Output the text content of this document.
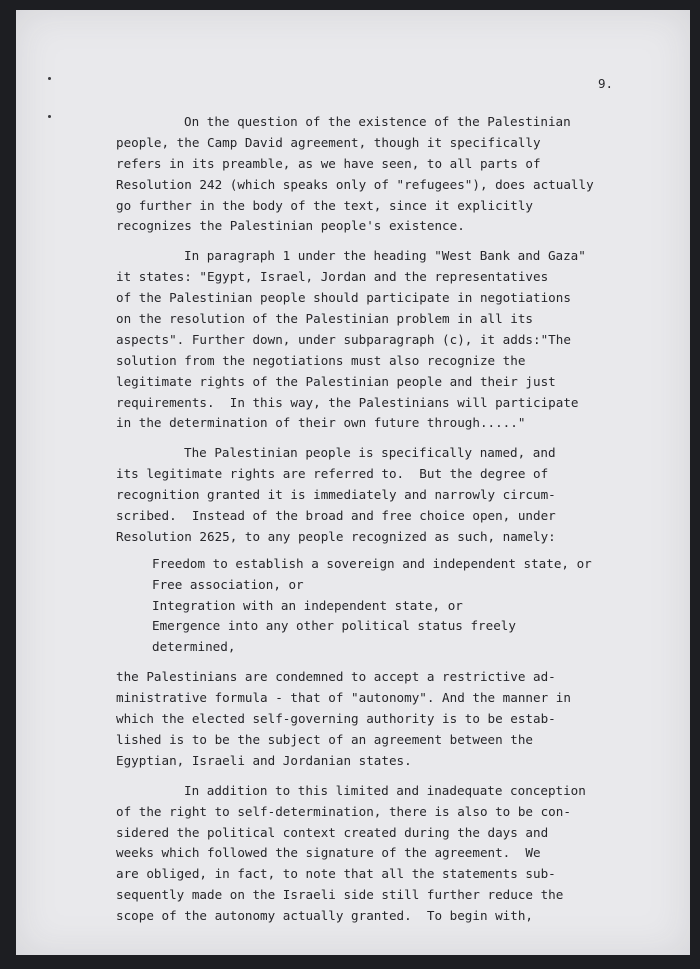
9.
On the question of the existence of the Palestinian
people, the Camp David agreement, though it specifically
refers in its preamble, as we have seen, to all parts of
Resolution 242 (which speaks only of "refugees"), does actually
go further in the body of the text, since it explicitly
recognizes the Palestinian people's existence.
In paragraph 1 under the heading "West Bank and Gaza"
it states: "Egypt, Israel, Jordan and the representatives
of the Palestinian people should participate in negotiations
on the resolution of the Palestinian problem in all its
aspects". Further down, under subparagraph (c), it adds:"The
solution from the negotiations must also recognize the
legitimate rights of the Palestinian people and their just
requirements.  In this way, the Palestinians will participate
in the determination of their own future through....."
The Palestinian people is specifically named, and
its legitimate rights are referred to.  But the degree of
recognition granted it is immediately and narrowly circum-
scribed.  Instead of the broad and free choice open, under
Resolution 2625, to any people recognized as such, namely:
Freedom to establish a sovereign and independent state, or
Free association, or
Integration with an independent state, or
Emergence into any other political status freely
determined,
the Palestinians are condemned to accept a restrictive ad-
ministrative formula - that of "autonomy". And the manner in
which the elected self-governing authority is to be estab-
lished is to be the subject of an agreement between the
Egyptian, Israeli and Jordanian states.
In addition to this limited and inadequate conception
of the right to self-determination, there is also to be con-
sidered the political context created during the days and
weeks which followed the signature of the agreement.  We
are obliged, in fact, to note that all the statements sub-
sequently made on the Israeli side still further reduce the
scope of the autonomy actually granted.  To begin with,
